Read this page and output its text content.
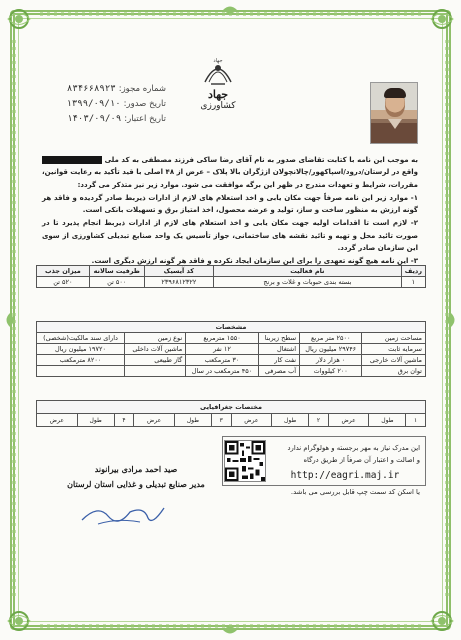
جهاد
جهاد
کشاورزی
شماره مجوز:
۸۳۴۶۶۸۹۲۳
تاریخ صدور:
۱۳۹۹/۰۹/۱۰
تاریخ اعتبار:
۱۴۰۳/۰۹/۰۹

به موجب این نامه با کتابت تقاضای صدور به نام آقای رضا ساکی فرزند مصطفی به کد ملی  واقع در لرستان/درود/اسپاکهور/چالانچولان ازژگران بالا پلاک – عرض از ۴۸ اصلی با قید تأکید به رعایت قوانین، مقررات، شرایط و تعهدات مندرج در ظهر این برگه موافقت می شود. موارد زیر نیز متذکر می گردد:

۱- موارد زیر این نامه صرفاً جهت مکان یابی و اخذ استعلام های لازم از ادارات ذیربط صادر گردیده و فاقد هر گونه ارزش به منظور ساخت و ساز، تولید و عرضه محصول، اخذ امتیاز برق و تسهیلات بانکی است.

۲- لازم است تا اقدامات اولیه جهت مکان یابی و اخذ استعلام های لازم از ادارات ذیربط انجام پذیرد تا در صورت تائید محل و تهیه و تائید نقشه های ساختمانی، جواز تأسیس یک واحد صنایع تبدیلی کشاورزی از سوی این سازمان صادر گردد.

۳- این نامه هیچ گونه تعهدی را برای این سازمان ایجاد نکرده و فاقد هر گونه ارزش دیگری است.

ردیف	نام فعالیت	کد آیسیک	ظرفیت سالانه	میزان جذب
۱	بسته بندی حبوبات و غلات و برنج	۲۳۹۶۸۱۲۳۲۲	۵۰۰ تن	۵۲۰ تن
مشخصات					
مساحت زمین	۲۵۰۰ متر مربع	سطح زیربنا	۱۵۵۰ مترمربع	نوع زمین	دارای سند مالکیت(شخصی)
سرمایه ثابت	۲۹۷۴۶ میلیون ریال	اشتغال	۱۲ نفر	ماشین آلات داخلی	۱۹۷۲۰ میلیون ریال
ماشین آلات خارجی	۰ هزار دلار	نفت کار	۳۰ مترمکعب	گاز طبیعی	۸۲۰۰ مترمکعب
توان برق	۲۰۰ کیلووات	آب مصرفی	۴۵۰ مترمکعب در سال		
مختصات جغرافیایی
۱	طول	عرض	۲	طول	عرض	۳	طول	عرض	۴	طول	عرض
این مدرک نیاز به مهر برجسته و هولوگرام ندارد
و اصالت و اعتبار آن صرفاً از طریق درگاه
http://eagri.maj.ir
یا اسکن کد سمت چپ قابل بررسی می باشد.
صید احمد مرادی بیرانوند
مدیر صنایع تبدیلی و غذایی استان لرستان
